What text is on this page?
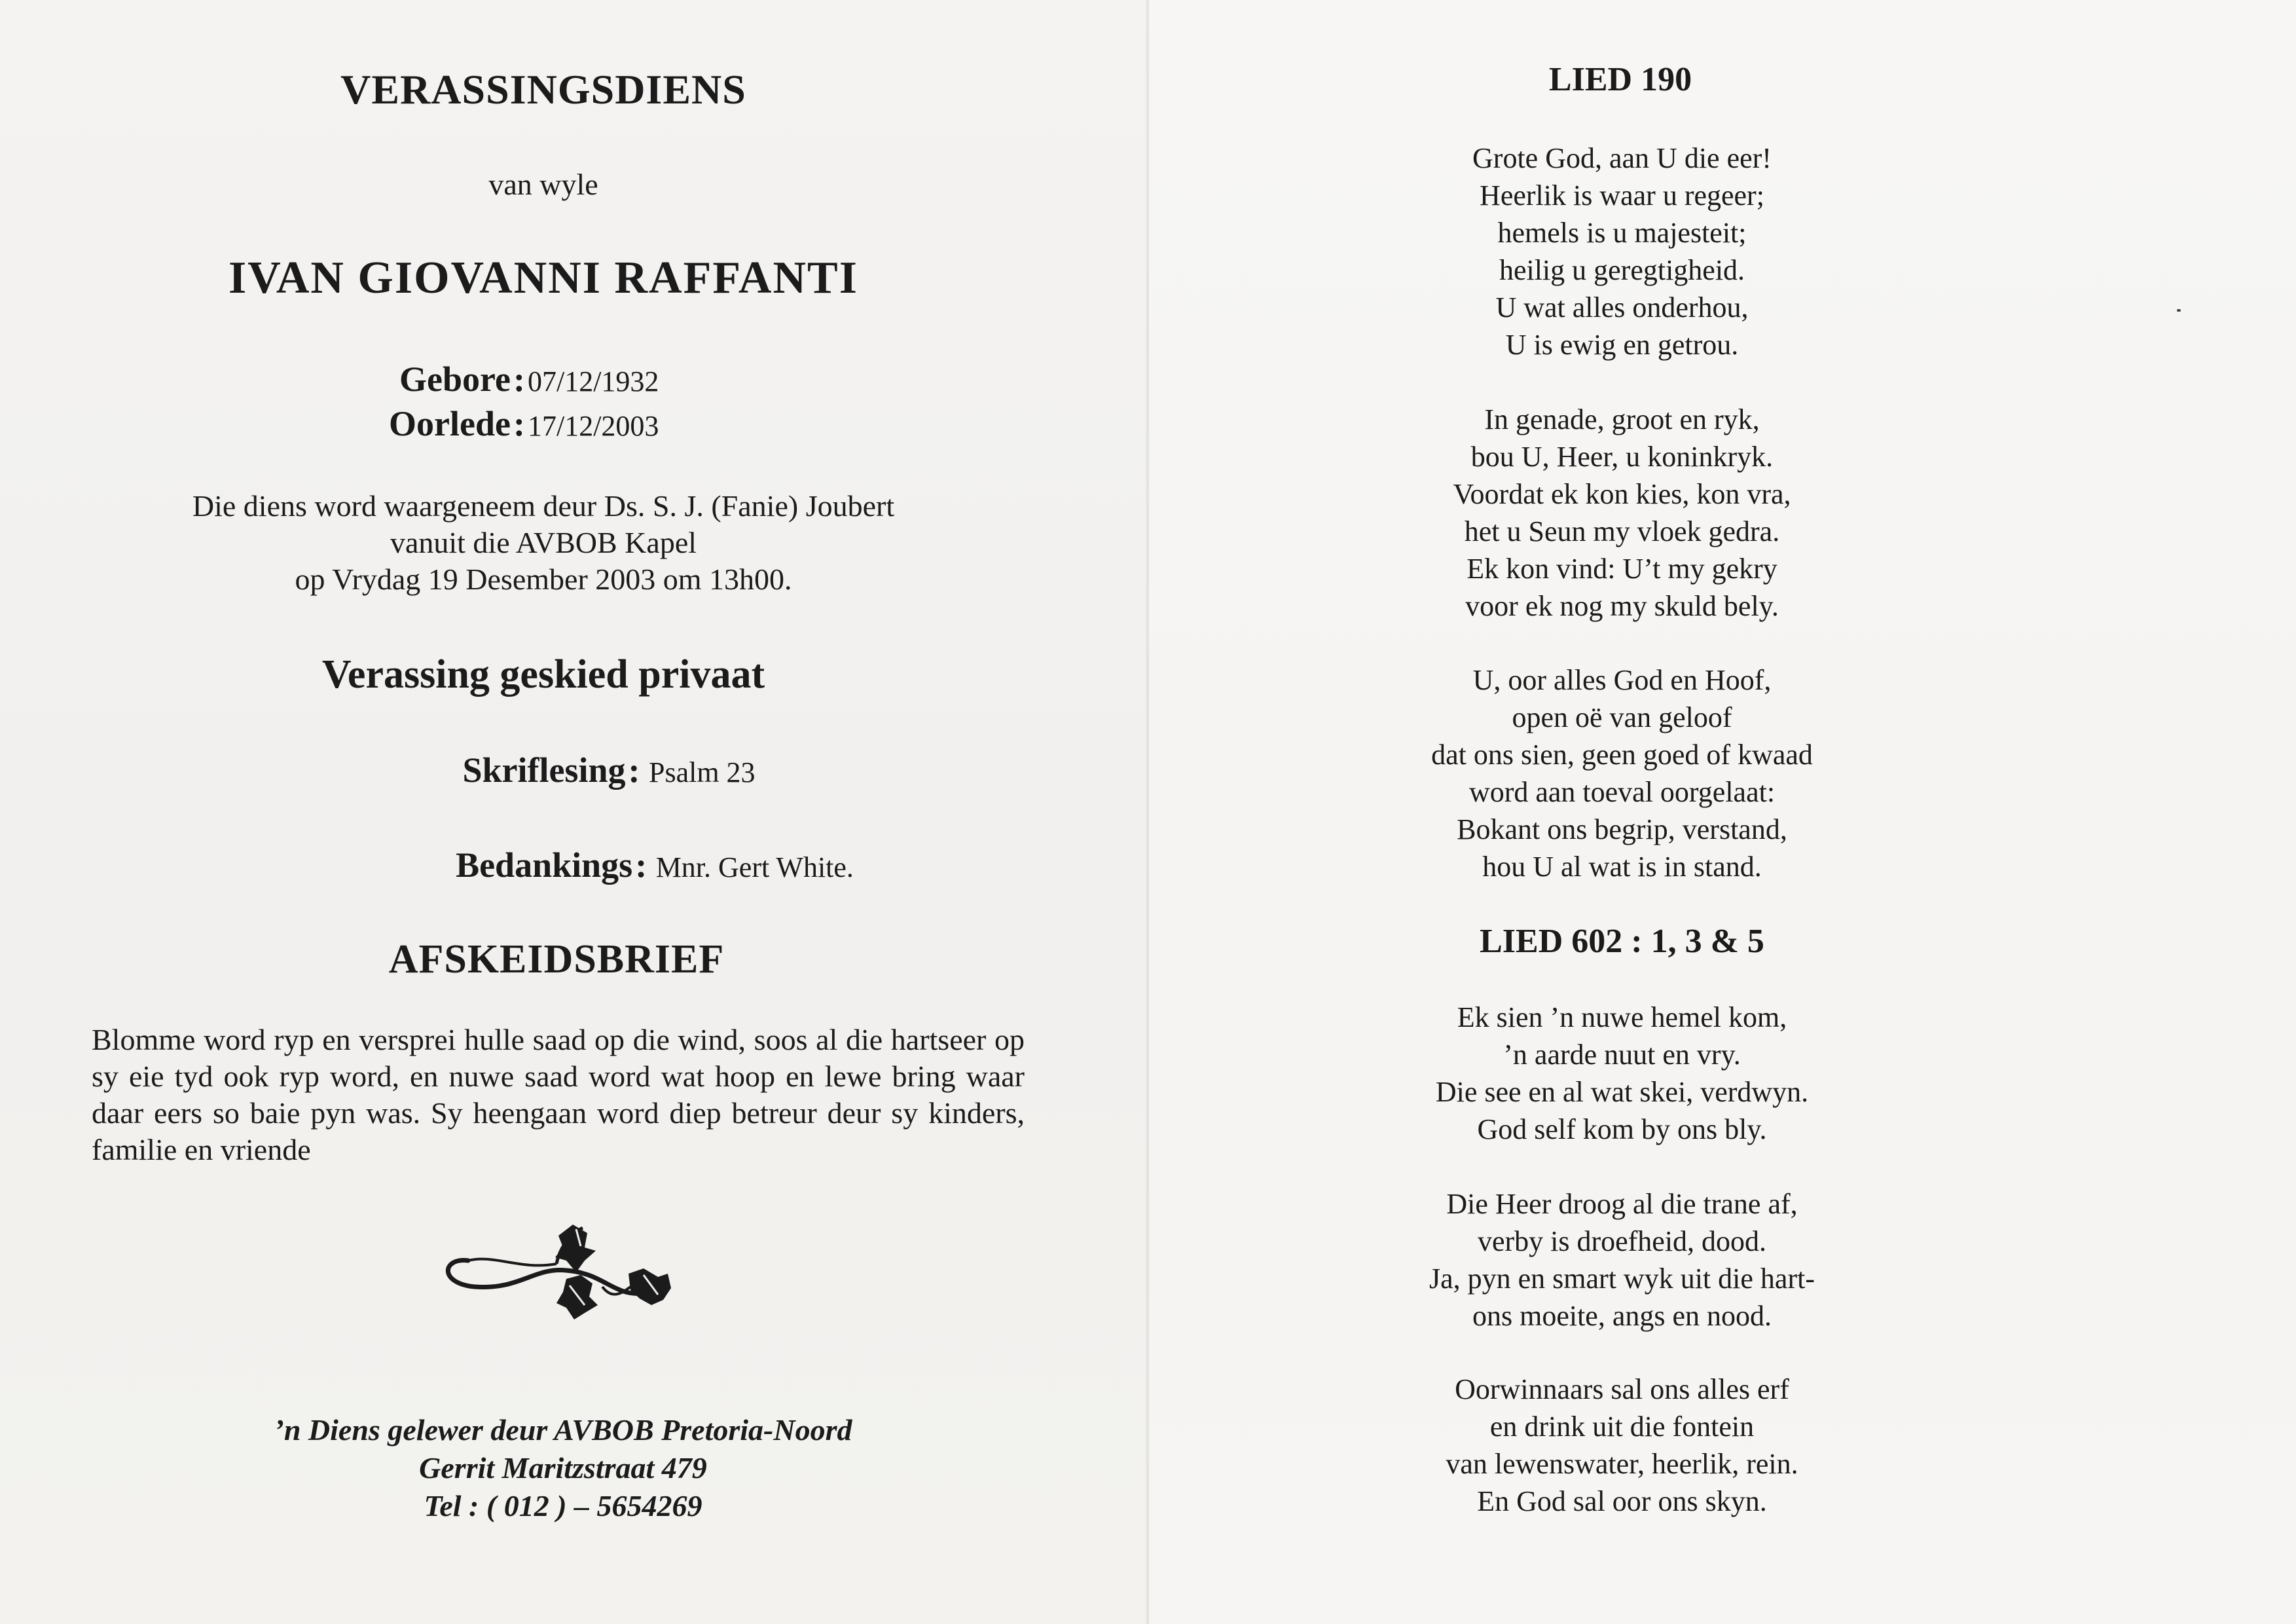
VERASSINGSDIENS
van wyle
IVAN GIOVANNI RAFFANTI
Gebore : 07/12/1932
Oorlede : 17/12/2003
Die diens word waargeneem deur Ds. S. J. (Fanie) Joubert
vanuit die AVBOB Kapel
op Vrydag 19 Desember 2003 om 13h00.
Verassing geskied privaat
Skriflesing : Psalm 23
Bedankings : Mnr. Gert White.
AFSKEIDSBRIEF
Blomme word ryp en versprei hulle saad op die wind, soos al die hartseer op sy eie tyd ook ryp word, en nuwe saad word wat hoop en lewe bring waar daar eers so baie pyn was. Sy heengaan word diep betreur deur sy kinders, familie en vriende
’n Diens gelewer deur AVBOB Pretoria-Noord
Gerrit Maritzstraat 479
Tel : ( 012 ) – 5654269
LIED 190
Grote God, aan U die eer!
Heerlik is waar u regeer;
hemels is u majesteit;
heilig u geregtigheid.
U wat alles onderhou,
U is ewig en getrou.
In genade, groot en ryk,
bou U, Heer, u koninkryk.
Voordat ek kon kies, kon vra,
het u Seun my vloek gedra.
Ek kon vind: U’t my gekry
voor ek nog my skuld bely.
U, oor alles God en Hoof,
open oë van geloof
dat ons sien, geen goed of kwaad
word aan toeval oorgelaat:
Bokant ons begrip, verstand,
hou U al wat is in stand.
LIED 602 : 1, 3 & 5
Ek sien ’n nuwe hemel kom,
’n aarde nuut en vry.
Die see en al wat skei, verdwyn.
God self kom by ons bly.
Die Heer droog al die trane af,
verby is droefheid, dood.
Ja, pyn en smart wyk uit die hart-
ons moeite, angs en nood.
Oorwinnaars sal ons alles erf
en drink uit die fontein
van lewenswater, heerlik, rein.
En God sal oor ons skyn.
